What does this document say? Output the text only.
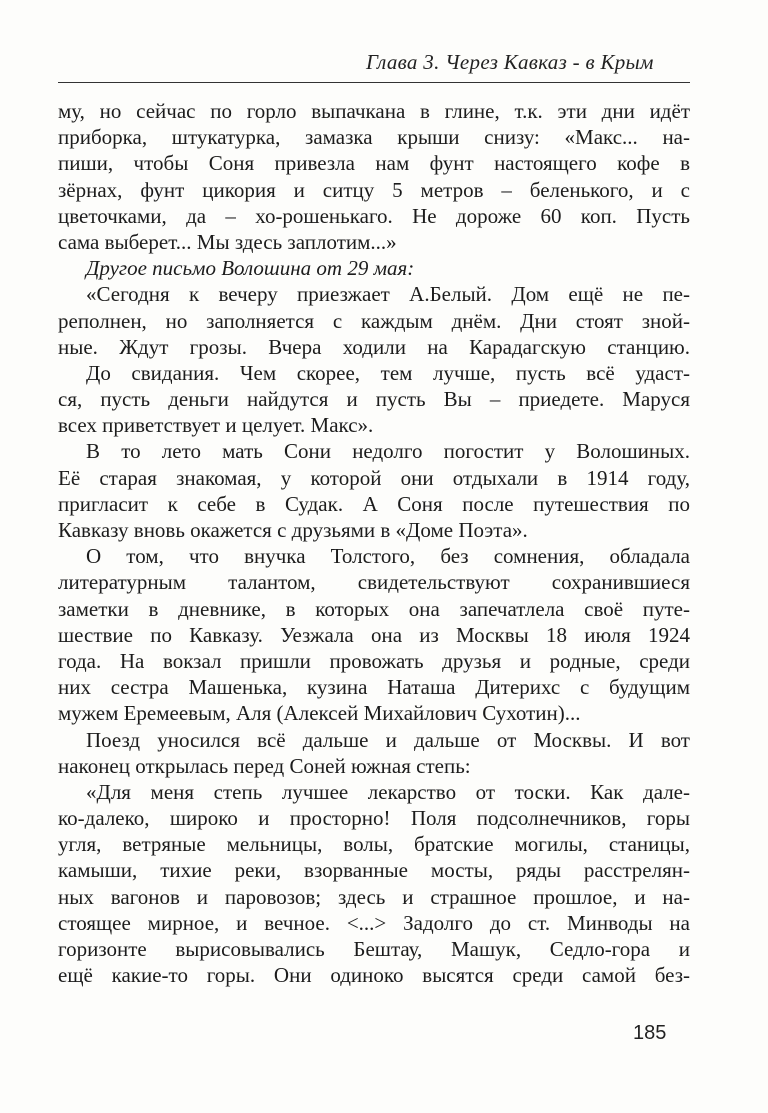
Глава 3. Через Кавказ - в Крым
му, но сейчас по горло выпачкана в глине, т.к. эти дни идёт
приборка, штукатурка, замазка крыши снизу: «Макс... на-
пиши, чтобы Соня привезла нам фунт настоящего кофе в
зёрнах, фунт цикория и ситцу 5 метров – беленького, и с
цветочками, да – хо-рошенькаго. Не дороже 60 коп. Пусть
сама выберет... Мы здесь заплотим...»
Другое письмо Волошина от 29 мая:
«Сегодня к вечеру приезжает А.Белый. Дом ещё не пе-
реполнен, но заполняется с каждым днём. Дни стоят зной-
ные. Ждут грозы. Вчера ходили на Карадагскую станцию.
До свидания. Чем скорее, тем лучше, пусть всё удаст-
ся, пусть деньги найдутся и пусть Вы – приедете. Маруся
всех приветствует и целует. Макс».
В то лето мать Сони недолго погостит у Волошиных.
Её старая знакомая, у которой они отдыхали в 1914 году,
пригласит к себе в Судак. А Соня после путешествия по
Кавказу вновь окажется с друзьями в «Доме Поэта».
О том, что внучка Толстого, без сомнения, обладала
литературным талантом, свидетельствуют сохранившиеся
заметки в дневнике, в которых она запечатлела своё путе-
шествие по Кавказу. Уезжала она из Москвы 18 июля 1924
года. На вокзал пришли провожать друзья и родные, среди
них сестра Машенька, кузина Наташа Дитерихс с будущим
мужем Еремеевым, Аля (Алексей Михайлович Сухотин)...
Поезд уносился всё дальше и дальше от Москвы. И вот
наконец открылась перед Соней южная степь:
«Для меня степь лучшее лекарство от тоски. Как дале-
ко-далеко, широко и просторно! Поля подсолнечников, горы
угля, ветряные мельницы, волы, братские могилы, станицы,
камыши, тихие реки, взорванные мосты, ряды расстрелян-
ных вагонов и паровозов; здесь и страшное прошлое, и на-
стоящее мирное, и вечное. <...> Задолго до ст. Минводы на
горизонте вырисовывались Бештау, Машук, Седло-гора и
ещё какие-то горы. Они одиноко высятся среди самой без-
185
